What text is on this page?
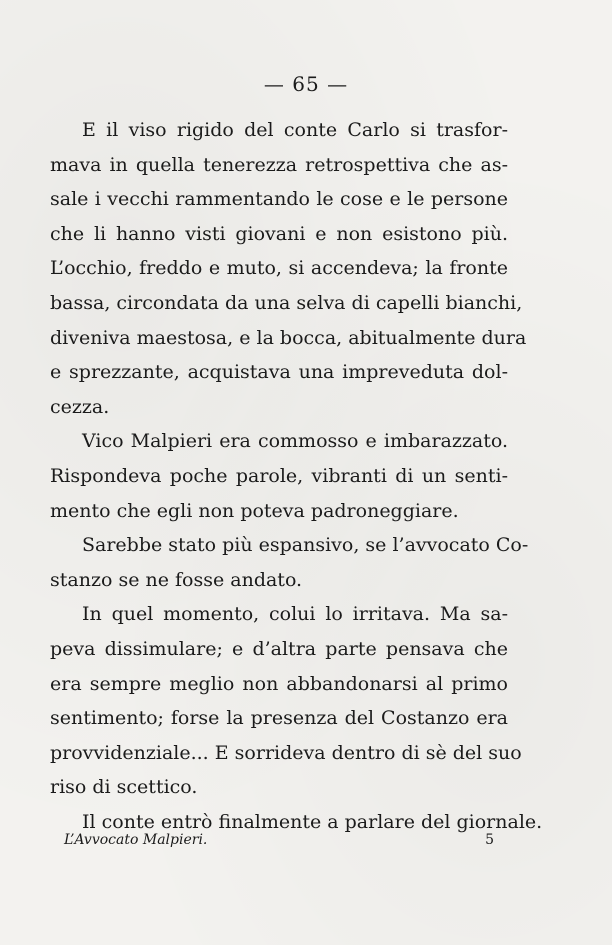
— 65 —
E il viso rigido del conte Carlo si trasfor-
mava in quella tenerezza retrospettiva che as-
sale i vecchi rammentando le cose e le persone
che li hanno visti giovani e non esistono più.
L’occhio, freddo e muto, si accendeva; la fronte
bassa, circondata da una selva di capelli bianchi,
diveniva maestosa, e la bocca, abitualmente dura
e sprezzante, acquistava una impreveduta dol-
cezza.
Vico Malpieri era commosso e imbarazzato.
Rispondeva poche parole, vibranti di un senti-
mento che egli non poteva padroneggiare.
Sarebbe stato più espansivo, se l’avvocato Co-
stanzo se ne fosse andato.
In quel momento, colui lo irritava. Ma sa-
peva dissimulare; e d’altra parte pensava che
era sempre meglio non abbandonarsi al primo
sentimento; forse la presenza del Costanzo era
provvidenziale... E sorrideva dentro di sè del suo
riso di scettico.
Il conte entrò finalmente a parlare del giornale.
L’Avvocato Malpieri.	5
